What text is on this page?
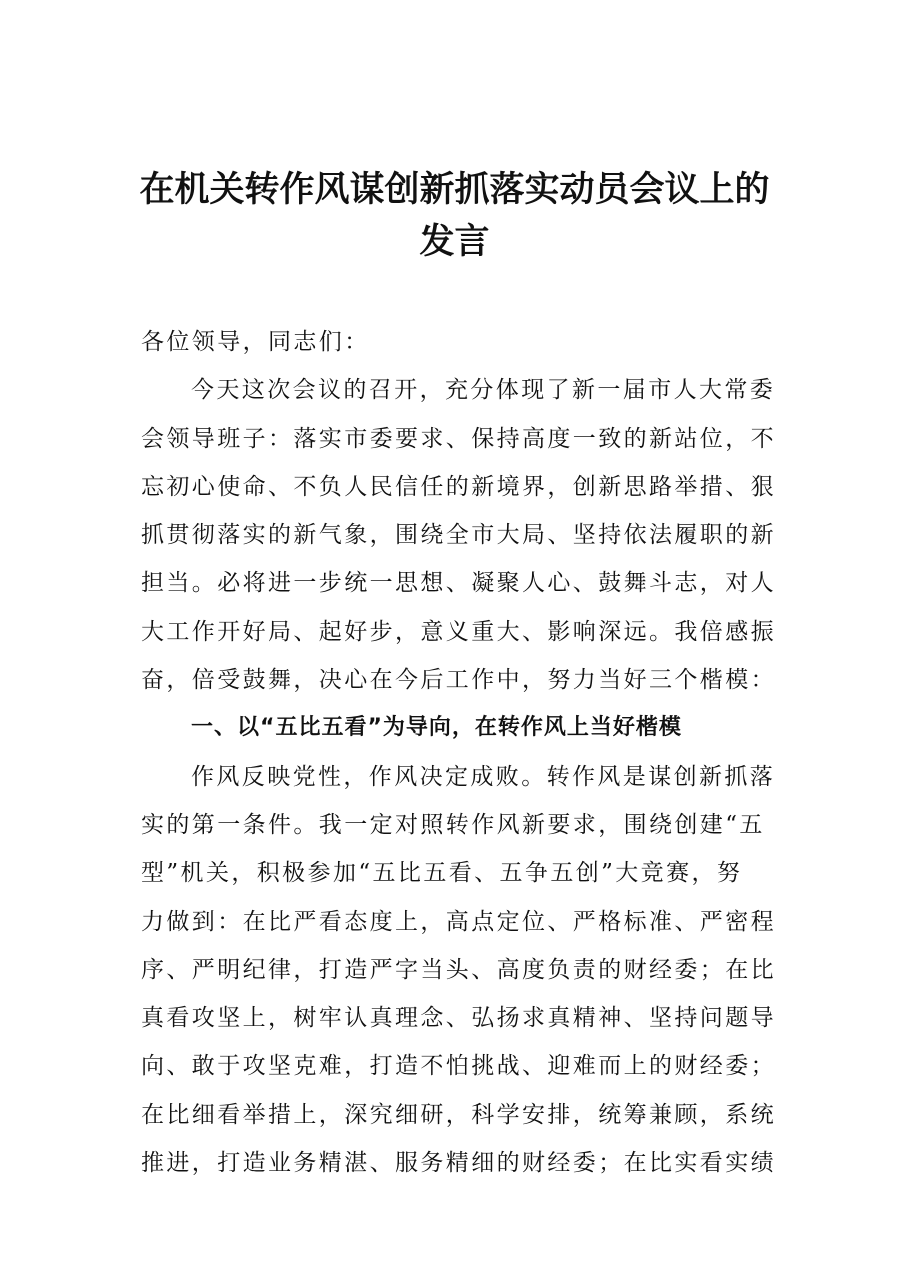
在机关转作风谋创新抓落实动员会议上的
发言
各位领导，同志们：
今天这次会议的召开，充分体现了新一届市人大常委
会领导班子：落实市委要求、保持高度一致的新站位，不
忘初心使命、不负人民信任的新境界，创新思路举措、狠
抓贯彻落实的新气象，围绕全市大局、坚持依法履职的新
担当。必将进一步统一思想、凝聚人心、鼓舞斗志，对人
大工作开好局、起好步，意义重大、影响深远。我倍感振
奋，倍受鼓舞，决心在今后工作中，努力当好三个楷模：
一、以“五比五看”为导向，在转作风上当好楷模
作风反映党性，作风决定成败。转作风是谋创新抓落
实的第一条件。我一定对照转作风新要求，围绕创建“五
型”机关，积极参加“五比五看、五争五创”大竞赛，努
力做到：在比严看态度上，高点定位、严格标准、严密程
序、严明纪律，打造严字当头、高度负责的财经委；在比
真看攻坚上，树牢认真理念、弘扬求真精神、坚持问题导
向、敢于攻坚克难，打造不怕挑战、迎难而上的财经委；
在比细看举措上，深究细研，科学安排，统筹兼顾，系统
推进，打造业务精湛、服务精细的财经委；在比实看实绩
